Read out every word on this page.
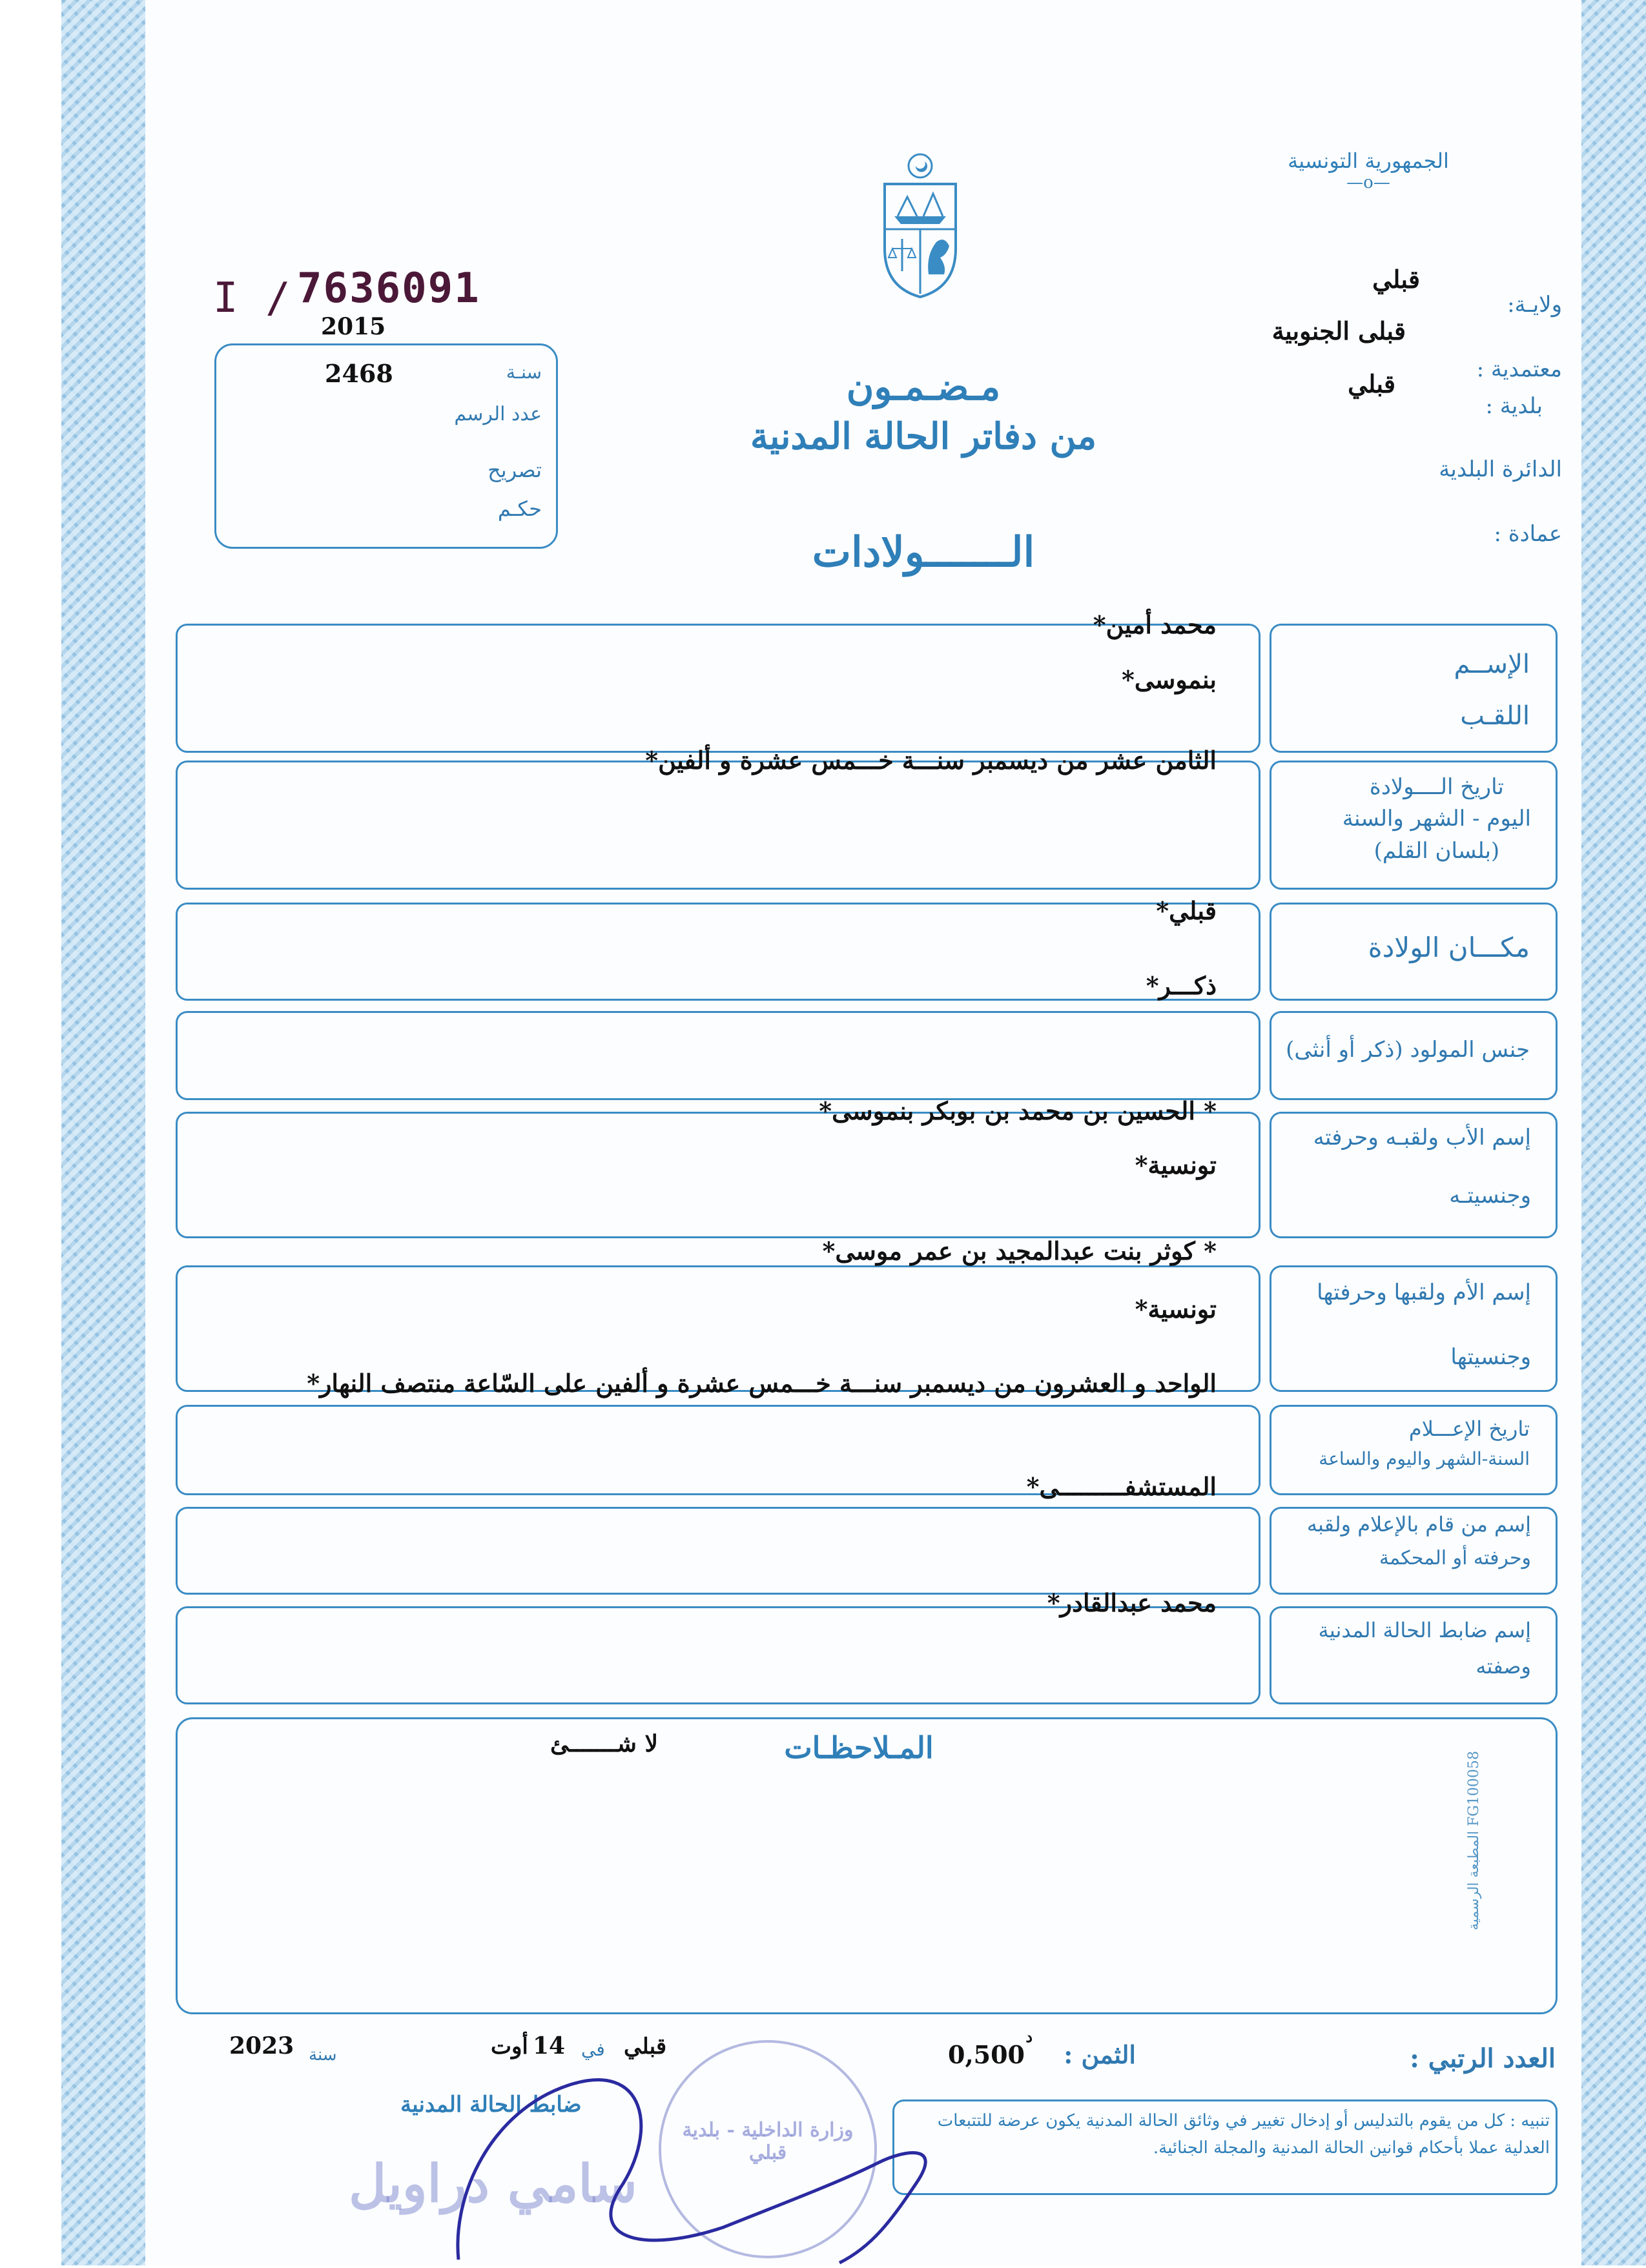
الجمهورية التونسية
—o—
ولايـة:
قبلي
معتمدية :
قبلى الجنوبية
بلدية :
قبلي
الدائرة البلدية
عمادة :
I / 7636091
2015
سنـة
2468
عدد الرسم
تصريح
حكـم
مـضـمـون
من دفاتر الحالة المدنية
الـــــــولادات
الإســم
اللقـب
محمد أمين*
بنموسى*
تاريخ الــــولادة
اليوم - الشهر والسنة
(بلسان القلم)
الثامن عشر من ديسمبر سنـــة خـــمس عشرة و ألفين*
مكـــان الولادة
قبلي*
جنس المولود (ذكر أو أنثى)
ذكـــر*
إسم الأب ولقبـه وحرفته
وجنسيتـه
* الحسين بن محمد بن بوبكر بنموسى*
تونسية*
إسم الأم ولقبها وحرفتها
وجنسيتها
* كوثر بنت عبدالمجيد بن عمر موسى*
تونسية*
تاريخ الإعـــلام
السنة-الشهر واليوم والساعة
الواحد و العشرون من ديسمبر سنـــة خـــمس عشرة و ألفين على السّاعة منتصف النهار*
إسم من قام بالإعلام ولقبه
وحرفته أو المحكمة
المستشفـــــــــى*
إسم ضابط الحالة المدنية
وصفته
محمد عبدالقادر*
المـلاحظـات
لا شـــــــئ
المطبعة الرسمية FG100058
العدد الرتبي :
الثمن :
0,500
د
قبلي
في
14
أوت
سنة
2023
ضابط الحالة المدنية
سامي دراويل
وزارة الداخلية - بلدية قبلي
تنبيه : كل من يقوم بالتدليس أو إدخال تغيير في وثائق الحالة المدنية يكون عرضة للتتبعات العدلية عملا بأحكام قوانين الحالة المدنية والمجلة الجنائية.
